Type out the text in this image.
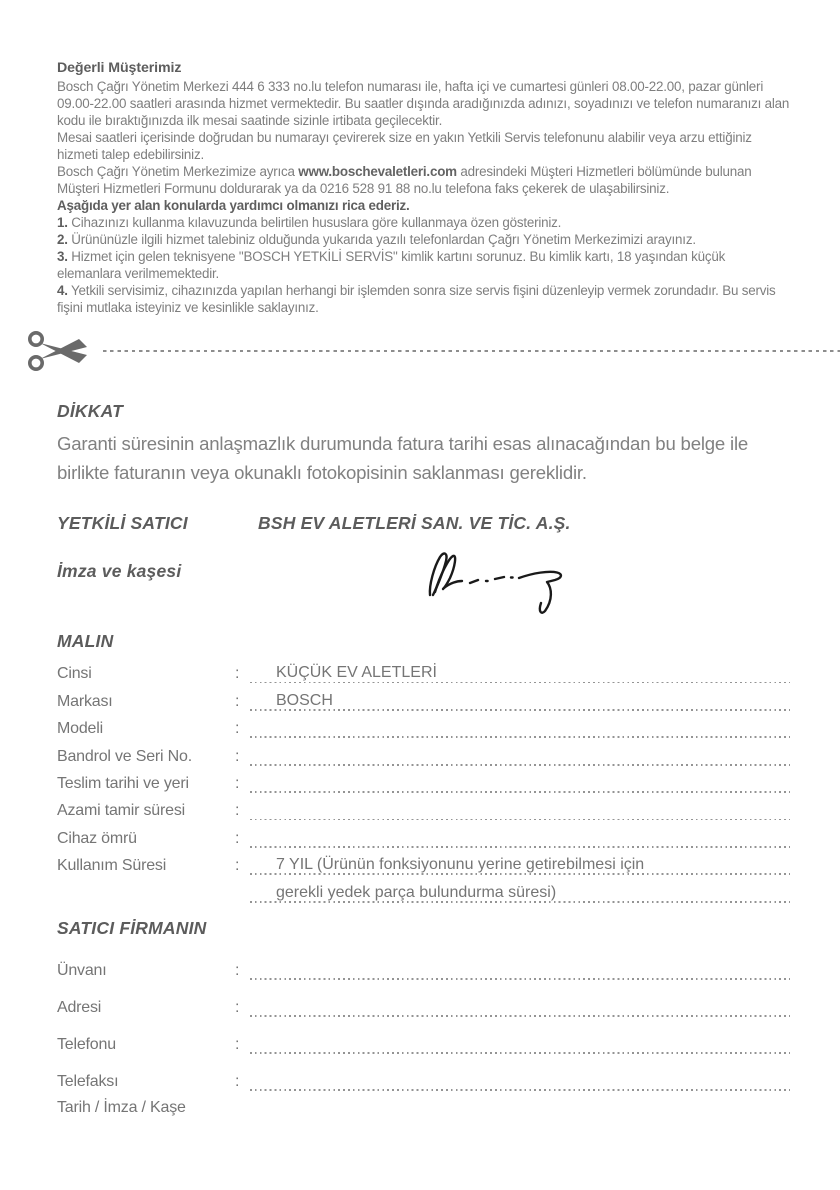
Değerli Müşterimiz
Bosch Çağrı Yönetim Merkezi 444 6 333 no.lu telefon numarası ile, hafta içi ve cumartesi günleri 08.00-22.00, pazar günleri 09.00-22.00 saatleri arasında hizmet vermektedir. Bu saatler dışında aradığınızda adınızı, soyadınızı ve telefon numaranızı alan kodu ile bıraktığınızda ilk mesai saatinde sizinle irtibata geçilecektir.
Mesai saatleri içerisinde doğrudan bu numarayı çevirerek size en yakın Yetkili Servis telefonunu alabilir veya arzu ettiğiniz hizmeti talep edebilirsiniz.
Bosch Çağrı Yönetim Merkezimize ayrıca www.boschevaletleri.com adresindeki Müşteri Hizmetleri bölümünde bulunan Müşteri Hizmetleri Formunu doldurarak ya da 0216 528 91 88 no.lu telefona faks çekerek de ulaşabilirsiniz.
Aşağıda yer alan konularda yardımcı olmanızı rica ederiz.
1. Cihazınızı kullanma kılavuzunda belirtilen hususlara göre kullanmaya özen gösteriniz.
2. Ürününüzle ilgili hizmet talebiniz olduğunda yukarıda yazılı telefonlardan Çağrı Yönetim Merkezimizi arayınız.
3. Hizmet için gelen teknisyene "BOSCH YETKİLİ SERVİS" kimlik kartını sorunuz. Bu kimlik kartı, 18 yaşından küçük elemanlara verilmemektedir.
4. Yetkili servisimiz, cihazınızda yapılan herhangi bir işlemden sonra size servis fişini düzenleyip vermek zorundadır. Bu servis fişini mutlaka isteyiniz ve kesinlikle saklayınız.
DİKKAT
Garanti süresinin anlaşmazlık durumunda fatura tarihi esas alınacağından bu belge ile birlikte faturanın veya okunaklı fotokopisinin saklanması gereklidir.
YETKİLİ SATICI	BSH EV ALETLERİ SAN. VE TİC. A.Ş.
İmza ve kaşesi
MALIN
Cinsi	:	KÜÇÜK EV ALETLERİ
Markası	:	BOSCH
Modeli	:
Bandrol ve Seri No.	:
Teslim tarihi ve yeri	:
Azami tamir süresi	:
Cihaz ömrü	:
Kullanım Süresi	:	7 YIL (Ürünün fonksiyonunu yerine getirebilmesi için
gerekli yedek parça bulundurma süresi)
SATICI FİRMANIN
Ünvanı	:
Adresi	:
Telefonu	:
Telefaksı	:
Tarih / İmza / Kaşe
